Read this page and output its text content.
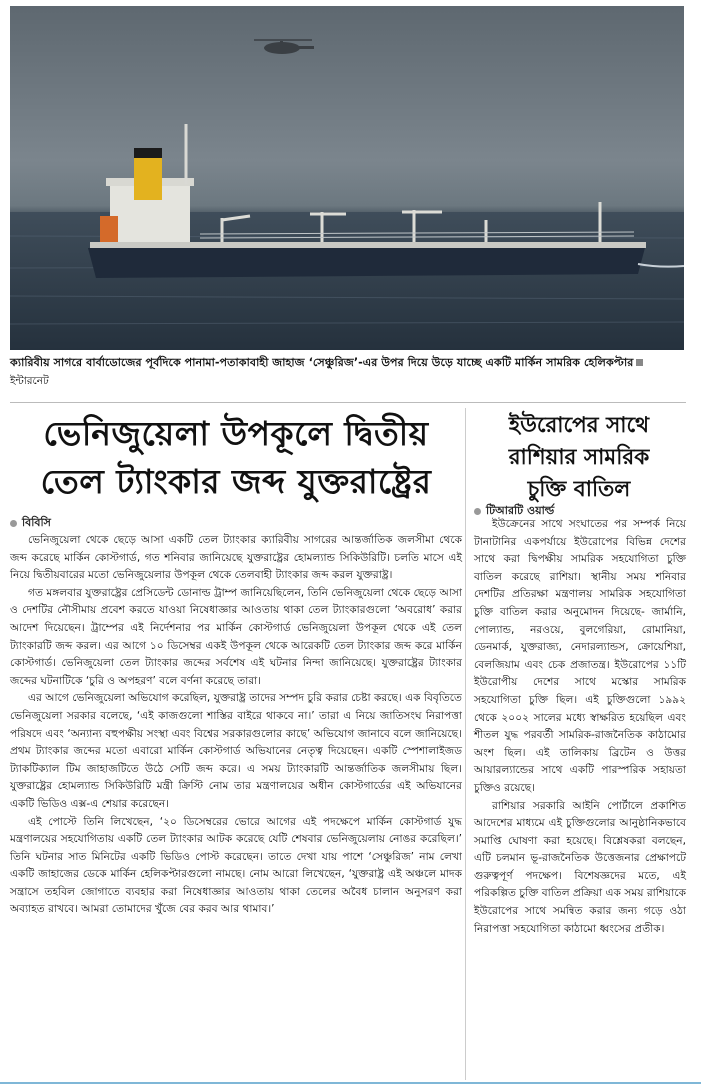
ক্যারিবীয় সাগরে বার্বাডোজের পূর্বদিকে পানামা-পতাকাবাহী জাহাজ ‘সেঞ্চুরিজ’-এর উপর দিয়ে উড়ে যাচ্ছে একটি মার্কিন সামরিক হেলিকপ্টারইন্টারনেট
ভেনিজুয়েলা উপকূলে দ্বিতীয়
তেল ট্যাংকার জব্দ যুক্তরাষ্ট্রের
ইউরোপের সাথে
রাশিয়ার সামরিক
চুক্তি বাতিল
বিবিসি
টিআরটি ওয়ার্ল্ড

ভেনিজুয়েলা থেকে ছেড়ে আসা একটি তেল ট্যাংকার ক্যারিবীয় সাগরের আন্তর্জাতিক জলসীমা থেকে জব্দ করেছে মার্কিন কোস্টগার্ড, গত শনিবার জানিয়েছে যুক্তরাষ্ট্রের হোমল্যান্ড সিকিউরিটি। চলতি মাসে এই নিয়ে দ্বিতীয়বারের মতো ভেনিজুয়েলার উপকূল থেকে তেলবাহী ট্যাংকার জব্দ করল যুক্তরাষ্ট্র।

গত মঙ্গলবার যুক্তরাষ্ট্রের প্রেসিডেন্ট ডোনাল্ড ট্রাম্প জানিয়েছিলেন, তিনি ভেনিজুয়েলা থেকে ছেড়ে আসা ও দেশটির নৌসীমায় প্রবেশ করতে যাওয়া নিষেধাজ্ঞার আওতায় থাকা তেল ট্যাংকারগুলো ‘অবরোধ’ করার আদেশ দিয়েছেন। ট্রাম্পের এই নির্দেশনার পর মার্কিন কোস্টগার্ড ভেনিজুয়েলা উপকূল থেকে এই তেল ট্যাংকারটি জব্দ করল। এর আগে ১০ ডিসেম্বর একই উপকূল থেকে আরেকটি তেল ট্যাংকার জব্দ করে মার্কিন কোস্টগার্ড। ভেনিজুয়েলা তেল ট্যাংকার জব্দের সর্বশেষ এই ঘটনার নিন্দা জানিয়েছে। যুক্তরাষ্ট্রের ট্যাংকার জব্দের ঘটনাটিকে ‘চুরি ও অপহরণ’ বলে বর্ণনা করেছে তারা।

এর আগে ভেনিজুয়েলা অভিযোগ করেছিল, যুক্তরাষ্ট্র তাদের সম্পদ চুরি করার চেষ্টা করছে। এক বিবৃতিতে ভেনিজুয়েলা সরকার বলেছে, ‘এই কাজগুলো শাস্তির বাইরে থাকবে না।’ তারা এ নিয়ে জাতিসংঘ নিরাপত্তা পরিষদে এবং ‘অন্যান্য বহুপক্ষীয় সংস্থা এবং বিশ্বের সরকারগুলোর কাছে’ অভিযোগ জানাবে বলে জানিয়েছে। প্রথম ট্যাংকার জব্দের মতো এবারো মার্কিন কোস্টগার্ড অভিযানের নেতৃত্ব দিয়েছেন। একটি স্পেশালাইজড ট্যাকটিক্যাল টিম জাহাজটিতে উঠে সেটি জব্দ করে। এ সময় ট্যাংকারটি আন্তর্জাতিক জলসীমায় ছিল। যুক্তরাষ্ট্রের হোমল্যান্ড সিকিউরিটি মন্ত্রী ক্রিস্টি নোম তার মন্ত্রণালয়ের অধীন কোস্টগার্ডের এই অভিযানের একটি ভিডিও এক্স-এ শেয়ার করেছেন।

এই পোস্টে তিনি লিখেছেন, ‘২০ ডিসেম্বরের ভোরে আগের এই পদক্ষেপে মার্কিন কোস্টগার্ড যুদ্ধ মন্ত্রণালয়ের সহযোগিতায় একটি তেল ট্যাংকার আটক করেছে যেটি শেষবার ভেনিজুয়েলায় নোঙর করেছিল।’ তিনি ঘটনার সাত মিনিটের একটি ভিডিও পোস্ট করেছেন। তাতে দেখা যায় পাশে ‘সেঞ্চুরিজ’ নাম লেখা একটি জাহাজের ডেকে মার্কিন হেলিকপ্টারগুলো নামছে। নোম আরো লিখেছেন, ‘যুক্তরাষ্ট্র এই অঞ্চলে মাদক সন্ত্রাসে তহবিল জোগাতে ব্যবহার করা নিষেধাজ্ঞার আওতায় থাকা তেলের অবৈধ চালান অনুসরণ করা অব্যাহত রাখবে। আমরা তোমাদের খুঁজে বের করব আর থামাব।’

ইউক্রেনের সাথে সংঘাতের পর সম্পর্ক নিয়ে টানাটানির একপর্যায়ে ইউরোপের বিভিন্ন দেশের সাথে করা দ্বিপক্ষীয় সামরিক সহযোগিতা চুক্তি বাতিল করেছে রাশিয়া। স্থানীয় সময় শনিবার দেশটির প্রতিরক্ষা মন্ত্রণালয় সামরিক সহযোগিতা চুক্তি বাতিল করার অনুমোদন দিয়েছে- জার্মানি, পোল্যান্ড, নরওয়ে, বুলগেরিয়া, রোমানিয়া, ডেনমার্ক, যুক্তরাজ্য, নেদারল্যান্ডস, ক্রোয়েশিয়া, বেলজিয়াম এবং চেক প্রজাতন্ত্র। ইউরোপের ১১টি ইউরোপীয় দেশের সাথে মস্কোর সামরিক সহযোগিতা চুক্তি ছিল। এই চুক্তিগুলো ১৯৯২ থেকে ২০০২ সালের মধ্যে স্বাক্ষরিত হয়েছিল এবং শীতল যুদ্ধ পরবর্তী সামরিক-রাজনৈতিক কাঠামোর অংশ ছিল। এই তালিকায় ব্রিটেন ও উত্তর আয়ারল্যান্ডের সাথে একটি পারস্পরিক সহায়তা চুক্তিও রয়েছে।

রাশিয়ার সরকারি আইনি পোর্টালে প্রকাশিত আদেশের মাধ্যমে এই চুক্তিগুলোর আনুষ্ঠানিকভাবে সমাপ্তি ঘোষণা করা হয়েছে। বিশ্লেষকরা বলছেন, এটি চলমান ভূ-রাজনৈতিক উত্তেজনার প্রেক্ষাপটে গুরুত্বপূর্ণ পদক্ষেপ। বিশেষজ্ঞদের মতে, এই পরিকল্পিত চুক্তি বাতিল প্রক্রিয়া এক সময় রাশিয়াকে ইউরোপের সাথে সমন্বিত করার জন্য গড়ে ওঠা নিরাপত্তা সহযোগিতা কাঠামো ধ্বংসের প্রতীক।
